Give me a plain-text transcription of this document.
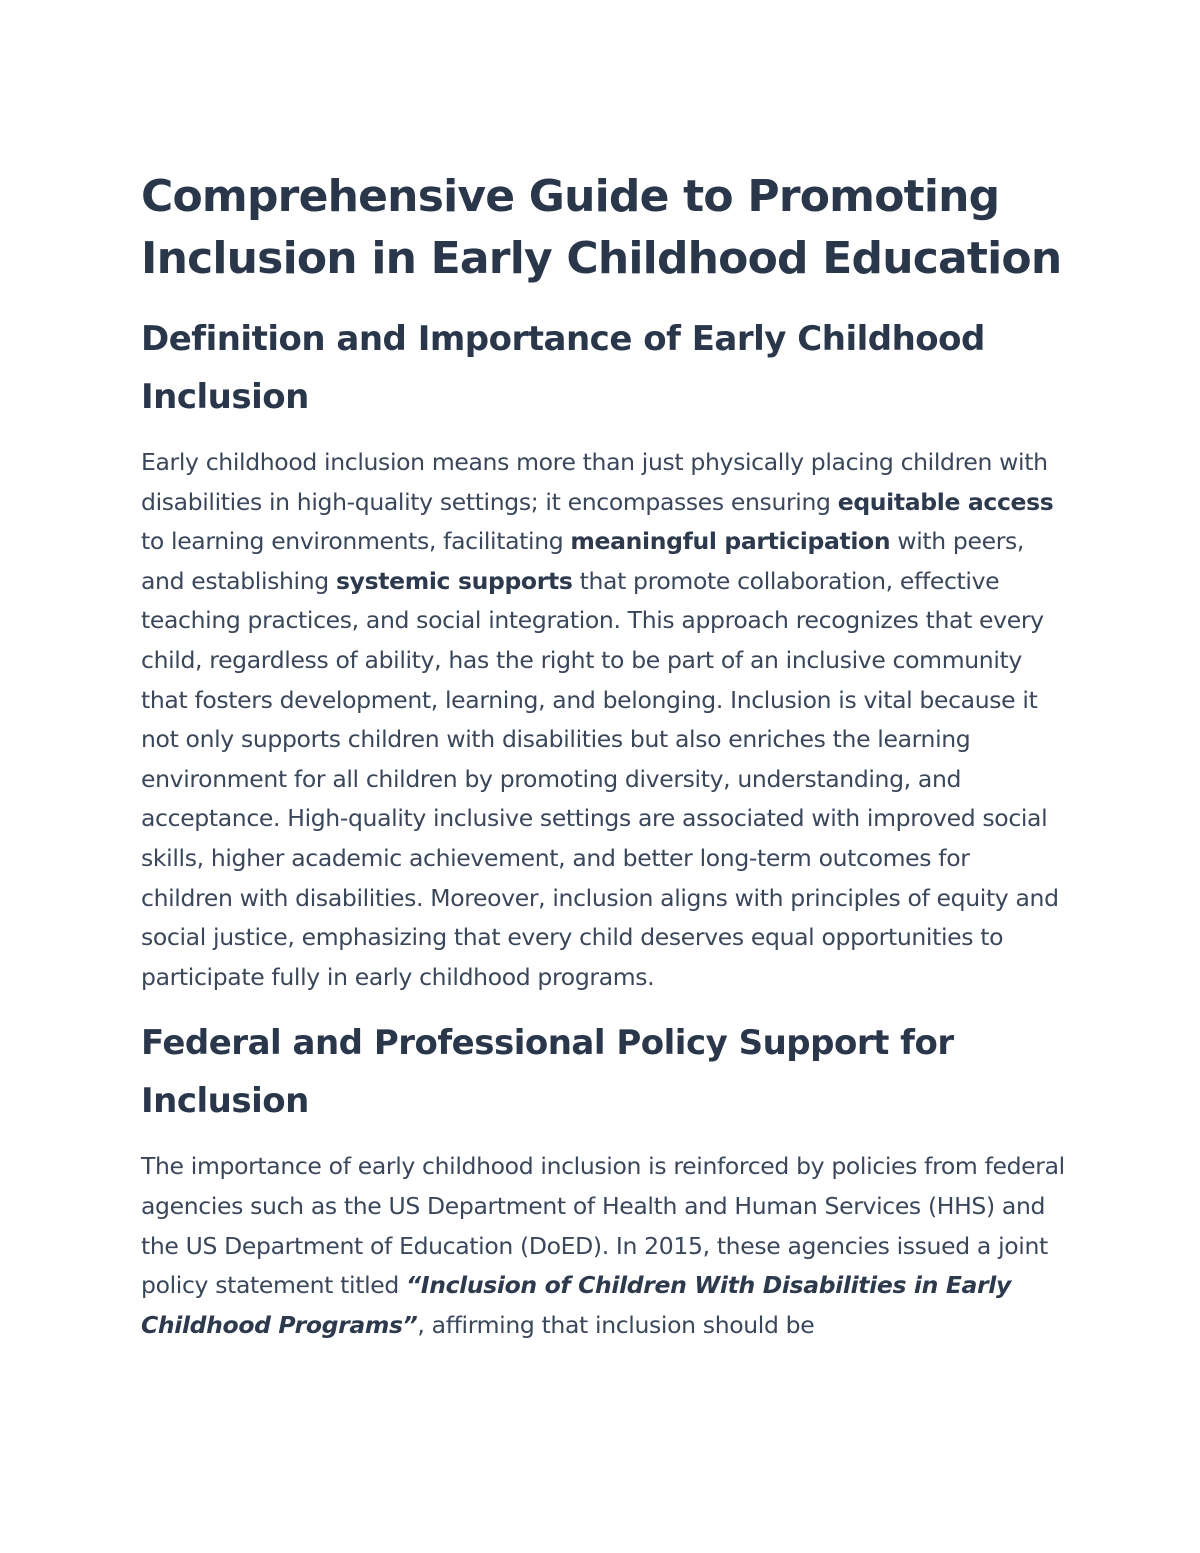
Comprehensive Guide to Promoting Inclusion in Early Childhood Education
Definition and Importance of Early Childhood Inclusion

Early childhood inclusion means more than just physically placing children with disabilities in high-quality settings; it encompasses ensuring equitable access to learning environments, facilitating meaningful participation with peers, and establishing systemic supports that promote collaboration, effective teaching practices, and social integration. This approach recognizes that every child, regardless of ability, has the right to be part of an inclusive community that fosters development, learning, and belonging. Inclusion is vital because it not only supports children with disabilities but also enriches the learning environment for all children by promoting diversity, understanding, and acceptance. High-quality inclusive settings are associated with improved social skills, higher academic achievement, and better long-term outcomes for children with disabilities. Moreover, inclusion aligns with principles of equity and social justice, emphasizing that every child deserves equal opportunities to participate fully in early childhood programs.

Federal and Professional Policy Support for Inclusion

The importance of early childhood inclusion is reinforced by policies from federal agencies such as the US Department of Health and Human Services (HHS) and the US Department of Education (DoED). In 2015, these agencies issued a joint policy statement titled “Inclusion of Children With Disabilities in Early Childhood Programs”, affirming that inclusion should be
